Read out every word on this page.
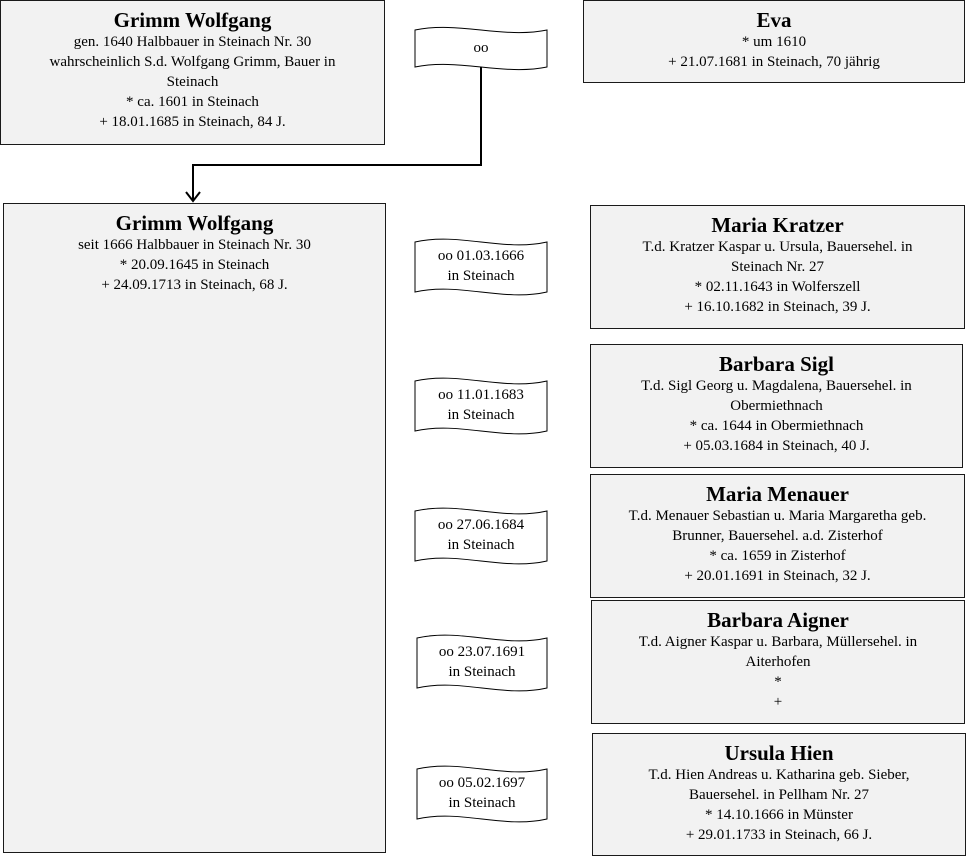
Grimm Wolfgang
gen. 1640 Halbbauer in Steinach Nr. 30
wahrscheinlich S.d. Wolfgang Grimm, Bauer in
Steinach
* ca. 1601 in Steinach
+ 18.01.1685 in Steinach, 84 J.
oo
Eva
* um 1610
+ 21.07.1681 in Steinach, 70 jährig
Grimm Wolfgang
seit 1666 Halbbauer in Steinach Nr. 30
* 20.09.1645 in Steinach
+ 24.09.1713 in Steinach, 68 J.
oo 01.03.1666
in Steinach
Maria Kratzer
T.d. Kratzer Kaspar u. Ursula, Bauersehel. in
Steinach Nr. 27
* 02.11.1643 in Wolferszell
+ 16.10.1682 in Steinach, 39 J.
oo 11.01.1683
in Steinach
Barbara Sigl
T.d. Sigl Georg u. Magdalena, Bauersehel. in
Obermiethnach
* ca. 1644 in Obermiethnach
+ 05.03.1684 in Steinach, 40 J.
oo 27.06.1684
in Steinach
Maria Menauer
T.d. Menauer Sebastian u. Maria Margaretha geb.
Brunner, Bauersehel. a.d. Zisterhof
* ca. 1659 in Zisterhof
+ 20.01.1691 in Steinach, 32 J.
oo 23.07.1691
in Steinach
Barbara Aigner
T.d. Aigner Kaspar u. Barbara, Müllersehel. in
Aiterhofen
*
+
oo 05.02.1697
in Steinach
Ursula Hien
T.d. Hien Andreas u. Katharina geb. Sieber,
Bauersehel. in Pellham Nr. 27
* 14.10.1666 in Münster
+ 29.01.1733 in Steinach, 66 J.
